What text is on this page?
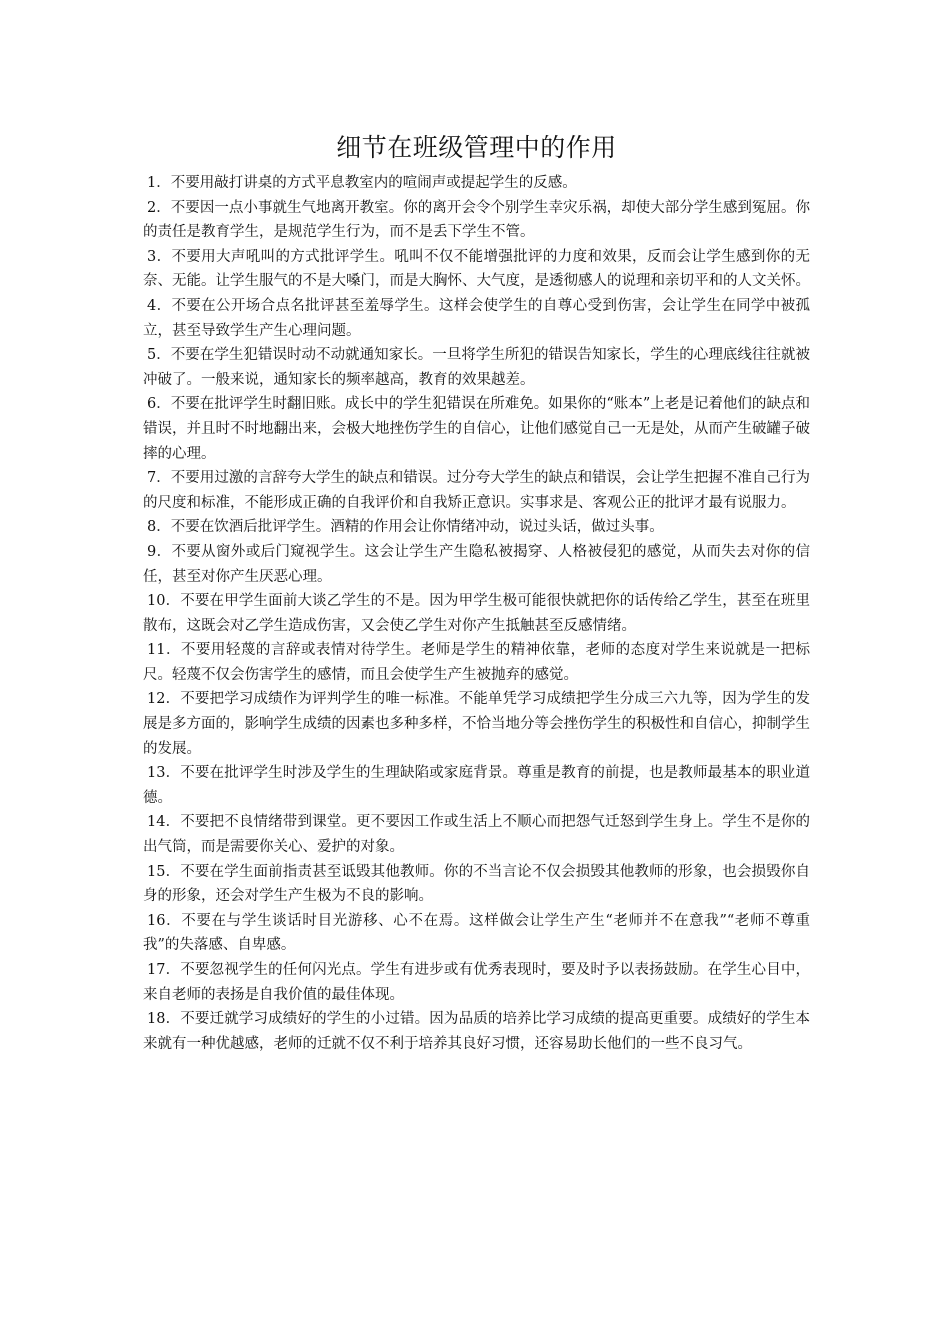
细节在班级管理中的作用

1．不要用敲打讲桌的方式平息教室内的喧闹声或提起学生的反感。

2．不要因一点小事就生气地离开教室。你的离开会令个别学生幸灾乐祸，却使大部分学生感到冤屈。你的责任是教育学生，是规范学生行为，而不是丢下学生不管。

3．不要用大声吼叫的方式批评学生。吼叫不仅不能增强批评的力度和效果，反而会让学生感到你的无奈、无能。让学生服气的不是大嗓门，而是大胸怀、大气度，是透彻感人的说理和亲切平和的人文关怀。

4．不要在公开场合点名批评甚至羞辱学生。这样会使学生的自尊心受到伤害，会让学生在同学中被孤立，甚至导致学生产生心理问题。

5．不要在学生犯错误时动不动就通知家长。一旦将学生所犯的错误告知家长，学生的心理底线往往就被冲破了。一般来说，通知家长的频率越高，教育的效果越差。

6．不要在批评学生时翻旧账。成长中的学生犯错误在所难免。如果你的“账本”上老是记着他们的缺点和错误，并且时不时地翻出来，会极大地挫伤学生的自信心，让他们感觉自己一无是处，从而产生破罐子破摔的心理。

7．不要用过激的言辞夸大学生的缺点和错误。过分夸大学生的缺点和错误，会让学生把握不准自己行为的尺度和标准，不能形成正确的自我评价和自我矫正意识。实事求是、客观公正的批评才最有说服力。

8．不要在饮酒后批评学生。酒精的作用会让你情绪冲动，说过头话，做过头事。

9．不要从窗外或后门窥视学生。这会让学生产生隐私被揭穿、人格被侵犯的感觉，从而失去对你的信任，甚至对你产生厌恶心理。

10．不要在甲学生面前大谈乙学生的不是。因为甲学生极可能很快就把你的话传给乙学生，甚至在班里散布，这既会对乙学生造成伤害，又会使乙学生对你产生抵触甚至反感情绪。

11．不要用轻蔑的言辞或表情对待学生。老师是学生的精神依靠，老师的态度对学生来说就是一把标尺。轻蔑不仅会伤害学生的感情，而且会使学生产生被抛弃的感觉。

12．不要把学习成绩作为评判学生的唯一标准。不能单凭学习成绩把学生分成三六九等，因为学生的发展是多方面的，影响学生成绩的因素也多种多样，不恰当地分等会挫伤学生的积极性和自信心，抑制学生的发展。

13．不要在批评学生时涉及学生的生理缺陷或家庭背景。尊重是教育的前提，也是教师最基本的职业道德。

14．不要把不良情绪带到课堂。更不要因工作或生活上不顺心而把怨气迁怒到学生身上。学生不是你的出气筒，而是需要你关心、爱护的对象。

15．不要在学生面前指责甚至诋毁其他教师。你的不当言论不仅会损毁其他教师的形象，也会损毁你自身的形象，还会对学生产生极为不良的影响。

16．不要在与学生谈话时目光游移、心不在焉。这样做会让学生产生“老师并不在意我”“老师不尊重我”的失落感、自卑感。

17．不要忽视学生的任何闪光点。学生有进步或有优秀表现时，要及时予以表扬鼓励。在学生心目中，来自老师的表扬是自我价值的最佳体现。

18．不要迁就学习成绩好的学生的小过错。因为品质的培养比学习成绩的提高更重要。成绩好的学生本来就有一种优越感，老师的迁就不仅不利于培养其良好习惯，还容易助长他们的一些不良习气。
